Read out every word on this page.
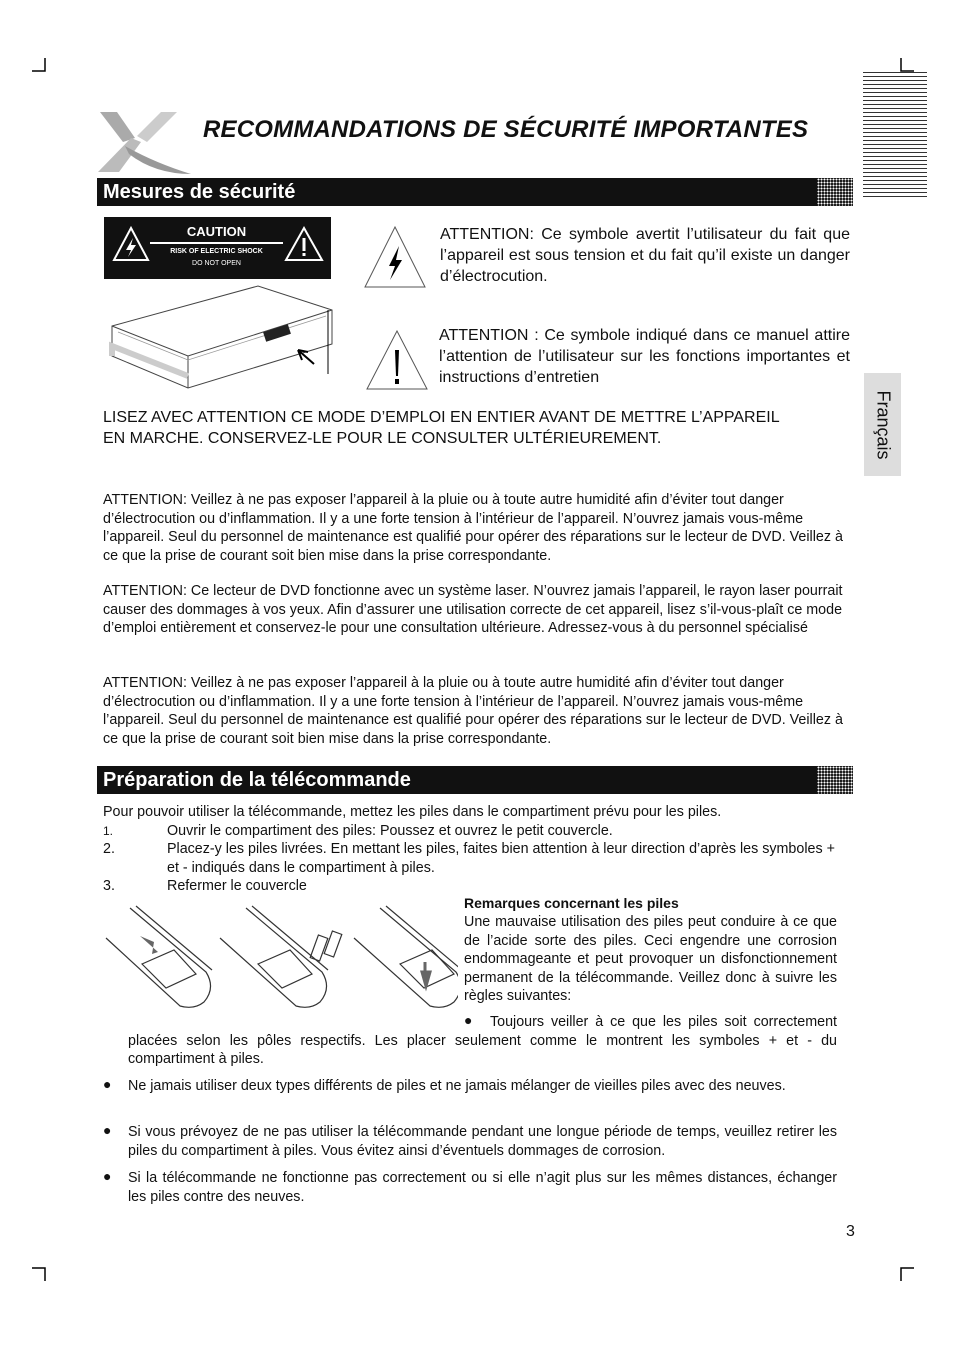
Français
RECOMMANDATIONS DE SÉCURITÉ IMPORTANTES
Mesures de sécurité
CAUTION
RISK OF ELECTRIC SHOCK
DO NOT OPEN
ATTENTION: Ce symbole avertit l’utilisateur du fait que l’appareil est sous tension et du fait qu’il existe un danger d’électrocution.
ATTENTION : Ce symbole indiqué dans ce manuel attire l’attention de l’utilisateur sur les fonctions importantes et instructions d’entretien
LISEZ AVEC ATTENTION CE MODE D’EMPLOI EN ENTIER AVANT DE METTRE L’APPAREIL EN MARCHE. CONSERVEZ-LE POUR LE CONSULTER ULTÉRIEUREMENT.
ATTENTION: Veillez à ne pas exposer l’appareil à la pluie ou à toute autre humidité afin d’éviter tout danger d’électrocution ou d’inflammation. Il y a une forte tension à l’intérieur de l’appareil. N’ouvrez jamais vous-même l’appareil. Seul du personnel de maintenance est qualifié pour opérer des réparations sur le lecteur de DVD. Veillez à ce que la prise de courant soit bien mise dans la prise correspondante.
ATTENTION: Ce lecteur de DVD fonctionne avec un système laser. N’ouvrez jamais l’appareil, le rayon laser pourrait causer des dommages à vos yeux. Afin d’assurer une utilisation correcte de cet appareil, lisez s’il-vous-plaît ce mode d’emploi entièrement et conservez-le pour une consultation ultérieure. Adressez-vous à du personnel spécialisé
ATTENTION: Veillez à ne pas exposer l’appareil à la pluie ou à toute autre humidité afin d’éviter tout danger d’électrocution ou d’inflammation. Il y a une forte tension à l’intérieur de l’appareil. N’ouvrez jamais vous-même l’appareil. Seul du personnel de maintenance est qualifié pour opérer des réparations sur le lecteur de DVD. Veillez à ce que la prise de courant soit bien mise dans la prise correspondante.
Préparation de la télécommande
Pour pouvoir utiliser la télécommande, mettez les piles dans le compartiment prévu pour les piles.
1.	Ouvrir le compartiment des piles: Poussez et ouvrez le petit couvercle.
2.	Placez-y les piles livrées. En mettant les piles, faites bien attention à leur direction d’après les symboles + et - indiqués dans le compartiment à piles.
3.	Refermer le couvercle
Remarques concernant les piles
Une mauvaise utilisation des piles peut conduire à ce que de l’acide sorte des piles. Ceci engendre une corrosion endommageante et peut provoquer un disfonctionnement permanent de la télécommande. Veillez donc à suivre les règles suivantes:
●	Toujours veiller à ce que les piles soit correctement placées selon les pôles respectifs. Les placer seulement comme le montrent les symboles + et - du compartiment à piles.
● Ne jamais utiliser deux types différents de piles et ne jamais mélanger de vieilles piles avec des neuves.
● Si vous prévoyez de ne pas utiliser la télécommande pendant une longue période de temps, veuillez retirer les piles du compartiment à piles. Vous évitez ainsi d’éventuels dommages de corrosion.
● Si la télécommande ne fonctionne pas correctement ou si elle n’agit plus sur les mêmes distances, échanger les piles contre des neuves.
3
